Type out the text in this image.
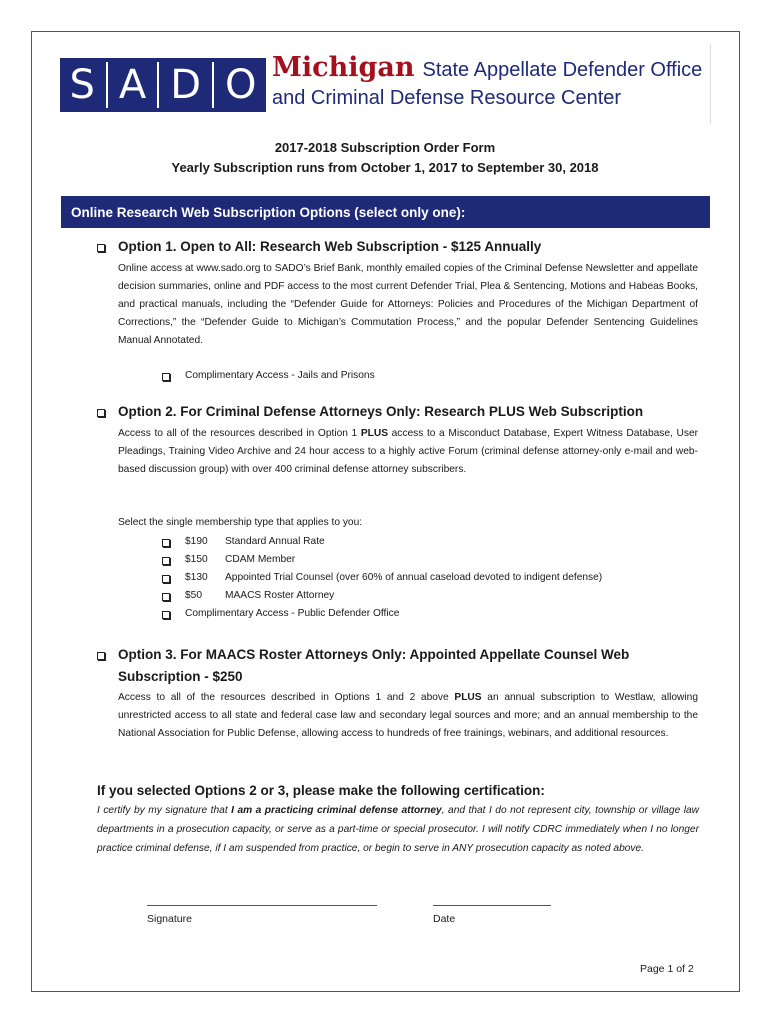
S A D O Michigan State Appellate Defender Office
and Criminal Defense Resource Center
2017-2018 Subscription Order Form
Yearly Subscription runs from October 1, 2017 to September 30, 2018
Online Research Web Subscription Options (select only one):
Option 1. Open to All: Research Web Subscription - $125 Annually
Online access at www.sado.org to SADO’s Brief Bank, monthly emailed copies of the Criminal Defense Newsletter and appellate decision summaries, online and PDF access to the most current Defender Trial, Plea & Sentencing, Motions and Habeas Books, and practical manuals, including the “Defender Guide for Attorneys: Policies and Procedures of the Michigan Department of Corrections,” the “Defender Guide to Michigan’s Commutation Process,” and the popular Defender Sentencing Guidelines Manual Annotated.
Complimentary Access - Jails and Prisons
Option 2. For Criminal Defense Attorneys Only: Research PLUS Web Subscription
Access to all of the resources described in Option 1 PLUS access to a Misconduct Database, Expert Witness Database, User Pleadings, Training Video Archive and 24 hour access to a highly active Forum (criminal defense attorney-only e-mail and web-based discussion group) with over 400 criminal defense attorney subscribers.
Select the single membership type that applies to you:
$190 Standard Annual Rate
$150 CDAM Member
$130 Appointed Trial Counsel (over 60% of annual caseload devoted to indigent defense)
$50 MAACS Roster Attorney
Complimentary Access - Public Defender Office
Option 3. For MAACS Roster Attorneys Only: Appointed Appellate Counsel Web
Subscription - $250
Access to all of the resources described in Options 1 and 2 above PLUS an annual subscription to Westlaw, allowing unrestricted access to all state and federal case law and secondary legal sources and more; and an annual membership to the National Association for Public Defense, allowing access to hundreds of free trainings, webinars, and additional resources.
If you selected Options 2 or 3, please make the following certification:
I certify by my signature that I am a practicing criminal defense attorney, and that I do not represent city, township or village law departments in a prosecution capacity, or serve as a part-time or special prosecutor. I will notify CDRC immediately when I no longer practice criminal defense, if I am suspended from practice, or begin to serve in ANY prosecution capacity as noted above.
Signature	Date
Page 1 of 2
